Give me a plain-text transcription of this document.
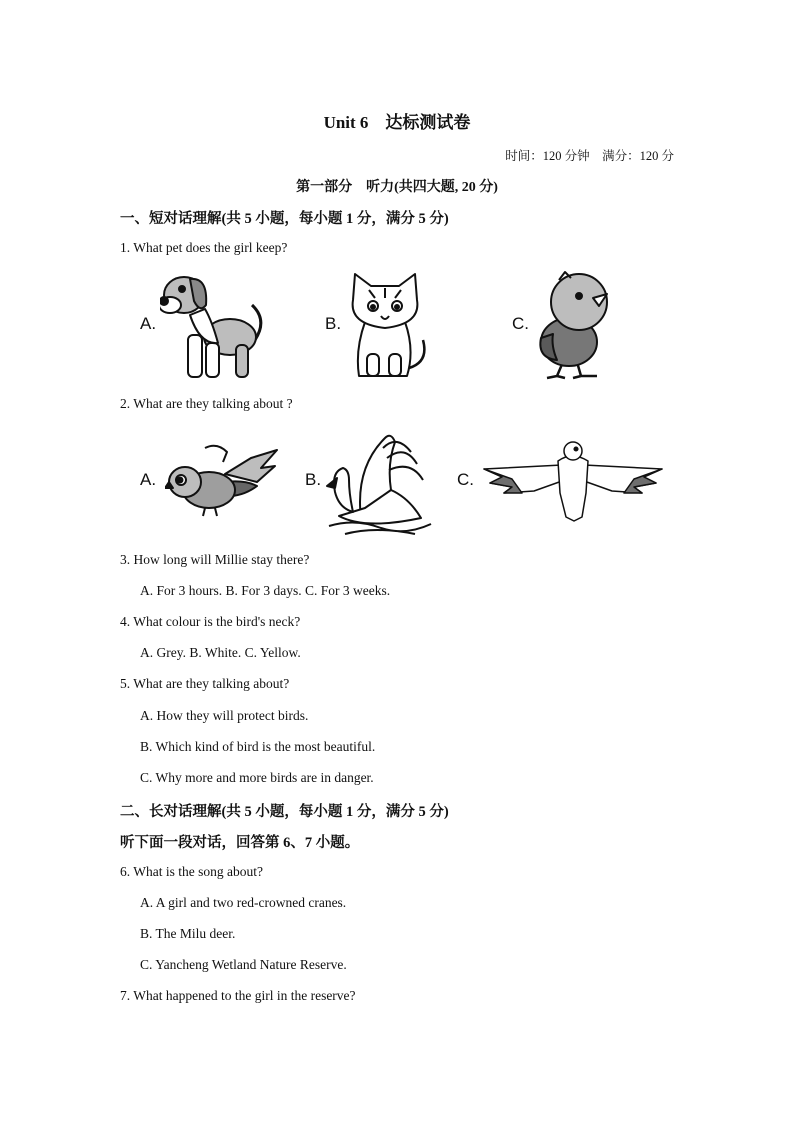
Unit 6　达标测试卷
时间：120 分钟　满分：120 分
第一部分　听力(共四大题, 20 分)
一、短对话理解(共 5 小题，每小题 1 分，满分 5 分)
1. What pet does the girl keep?
A.	B.	C.
2. What are they talking about ?
A.	B.	C.
3. How long will Millie stay there?
A. For 3 hours. B. For 3 days. C. For 3 weeks.
4. What colour is the bird's neck?
A. Grey. B. White. C. Yellow.
5. What are they talking about?
A. How they will protect birds.
B. Which kind of bird is the most beautiful.
C. Why more and more birds are in danger.
二、长对话理解(共 5 小题，每小题 1 分，满分 5 分)
听下面一段对话，回答第 6、7 小题。
6. What is the song about?
A. A girl and two red-crowned cranes.
B. The Milu deer.
C. Yancheng Wetland Nature Reserve.
7. What happened to the girl in the reserve?
